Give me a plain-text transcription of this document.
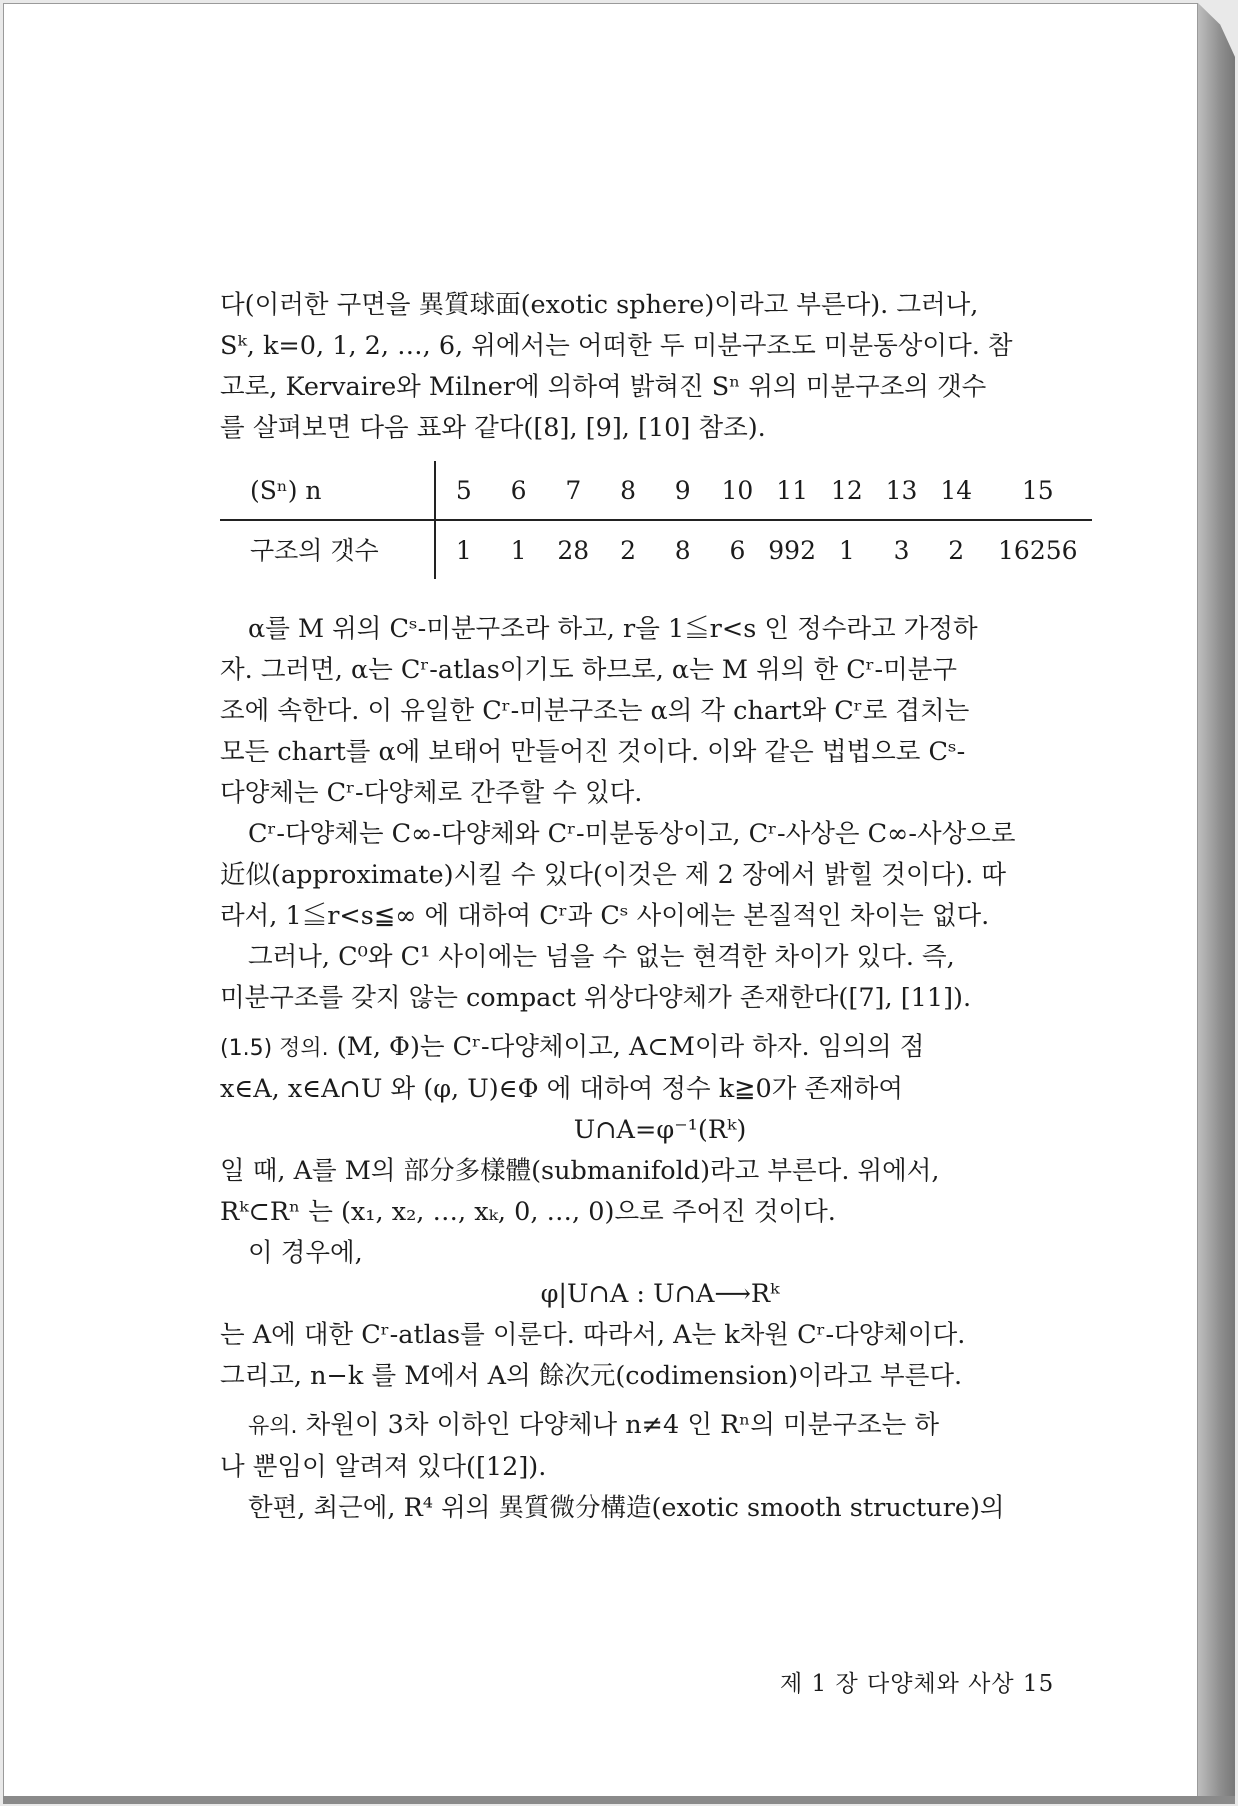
다(이러한 구면을 異質球面(exotic sphere)이라고 부른다). 그러나,

Sᵏ, k=0, 1, 2, …, 6, 위에서는 어떠한 두 미분구조도 미분동상이다. 참

고로, Kervaire와 Milner에 의하여 밝혀진 Sⁿ 위의 미분구조의 갯수

를 살펴보면 다음 표와 같다([8], [9], [10] 참조).

(Sⁿ) n	5	6	7	8	9	10	11	12	13	14	15
구조의 갯수	1	1	28	2	8	6	992	1	3	2	16256

α를 M 위의 Cˢ-미분구조라 하고, r을 1≦r<s 인 정수라고 가정하

자. 그러면, α는 Cʳ-atlas이기도 하므로, α는 M 위의 한 Cʳ-미분구

조에 속한다. 이 유일한 Cʳ-미분구조는 α의 각 chart와 Cʳ로 겹치는

모든 chart를 α에 보태어 만들어진 것이다. 이와 같은 법법으로 Cˢ-

다양체는 Cʳ-다양체로 간주할 수 있다.

Cʳ-다양체는 C∞-다양체와 Cʳ-미분동상이고, Cʳ-사상은 C∞-사상으로

近似(approximate)시킬 수 있다(이것은 제 2 장에서 밝힐 것이다). 따

라서, 1≦r<s≦∞ 에 대하여 Cʳ과 Cˢ 사이에는 본질적인 차이는 없다.

그러나, C⁰와 C¹ 사이에는 넘을 수 없는 현격한 차이가 있다. 즉,

미분구조를 갖지 않는 compact 위상다양체가 존재한다([7], [11]).

(1.5) 정의. (M, Φ)는 Cʳ-다양체이고, A⊂M이라 하자. 임의의 점

x∈A, x∈A∩U 와 (φ, U)∈Φ 에 대하여 정수 k≧0가 존재하여

U∩A=φ⁻¹(Rᵏ)

일 때, A를 M의 部分多樣體(submanifold)라고 부른다. 위에서,

Rᵏ⊂Rⁿ 는 (x₁, x₂, …, xₖ, 0, …, 0)으로 주어진 것이다.

이 경우에,

φ|U∩A : U∩A⟶Rᵏ

는 A에 대한 Cʳ-atlas를 이룬다. 따라서, A는 k차원 Cʳ-다양체이다.

그리고, n−k 를 M에서 A의 餘次元(codimension)이라고 부른다.

유의. 차원이 3차 이하인 다양체나 n≠4 인 Rⁿ의 미분구조는 하

나 뿐임이 알려져 있다([12]).

한편, 최근에, R⁴ 위의 異質微分構造(exotic smooth structure)의

제 1 장 다양체와 사상 15
